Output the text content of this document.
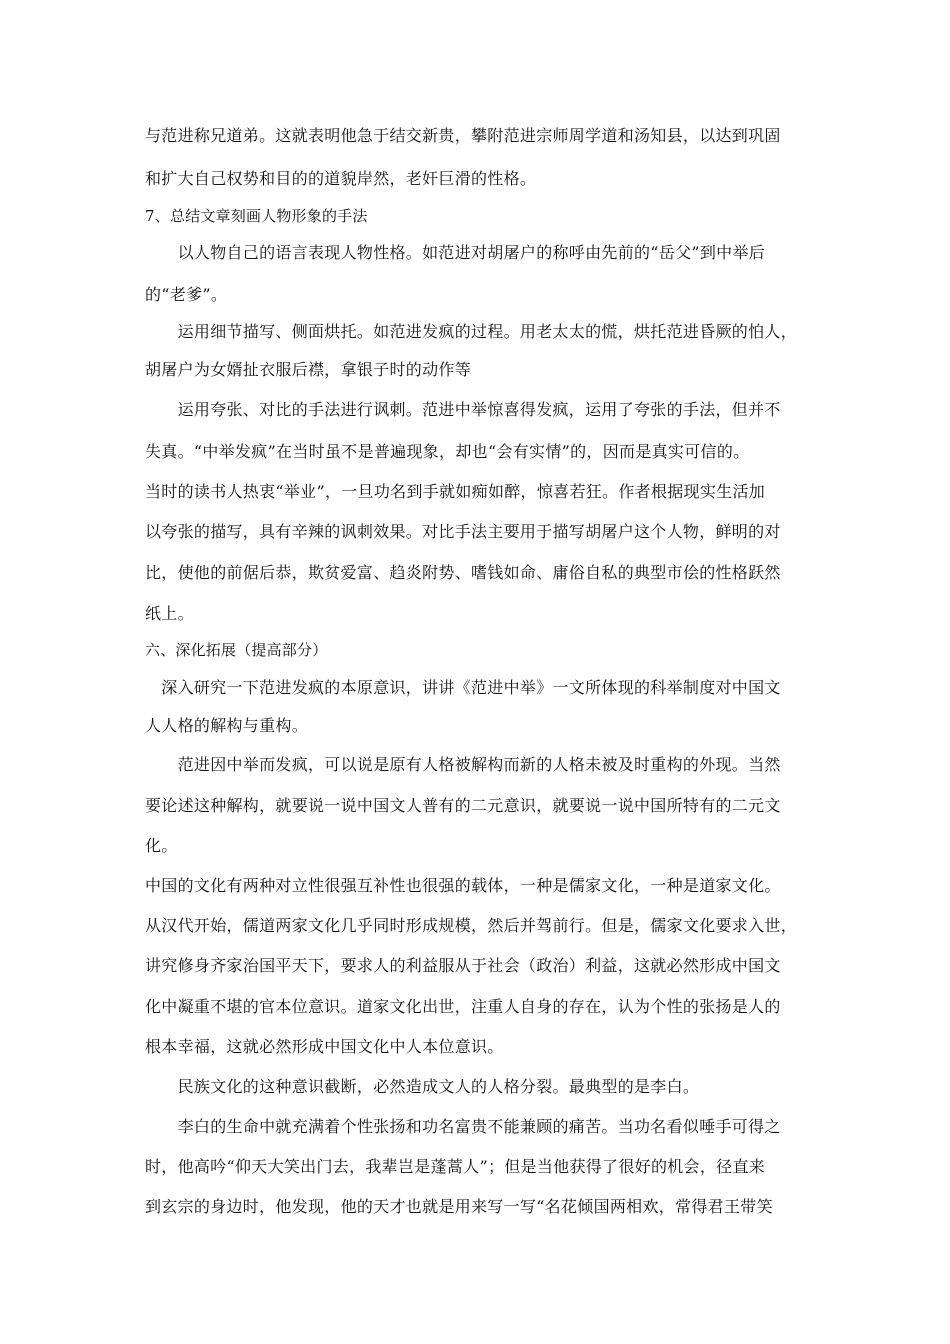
与范进称兄道弟。这就表明他急于结交新贵，攀附范进宗师周学道和汤知县，以达到巩固
和扩大自己权势和目的的道貌岸然，老奸巨滑的性格。
7、总结文章刻画人物形象的手法
　　以人物自己的语言表现人物性格。如范进对胡屠户的称呼由先前的“岳父”到中举后
的“老爹”。
　　运用细节描写、侧面烘托。如范进发疯的过程。用老太太的慌，烘托范进昏厥的怕人，
胡屠户为女婿扯衣服后襟，拿银子时的动作等
　　运用夸张、对比的手法进行讽刺。范进中举惊喜得发疯，运用了夸张的手法，但并不
失真。“中举发疯”在当时虽不是普遍现象，却也“会有实情”的，因而是真实可信的。
当时的读书人热衷“举业”，一旦功名到手就如痴如醉，惊喜若狂。作者根据现实生活加
以夸张的描写，具有辛辣的讽刺效果。对比手法主要用于描写胡屠户这个人物，鲜明的对
比，使他的前倨后恭，欺贫爱富、趋炎附势、嗜钱如命、庸俗自私的典型市侩的性格跃然
纸上。
六、深化拓展（提高部分）
　深入研究一下范进发疯的本原意识，讲讲《范进中举》一文所体现的科举制度对中国文
人人格的解构与重构。
　　范进因中举而发疯，可以说是原有人格被解构而新的人格未被及时重构的外现。当然
要论述这种解构，就要说一说中国文人普有的二元意识，就要说一说中国所特有的二元文
化。
中国的文化有两种对立性很强互补性也很强的载体，一种是儒家文化，一种是道家文化。
从汉代开始，儒道两家文化几乎同时形成规模，然后并驾前行。但是，儒家文化要求入世，
讲究修身齐家治国平天下，要求人的利益服从于社会（政治）利益，这就必然形成中国文
化中凝重不堪的官本位意识。道家文化出世，注重人自身的存在，认为个性的张扬是人的
根本幸福，这就必然形成中国文化中人本位意识。
　　民族文化的这种意识截断，必然造成文人的人格分裂。最典型的是李白。
　　李白的生命中就充满着个性张扬和功名富贵不能兼顾的痛苦。当功名看似唾手可得之
时，他高吟“仰天大笑出门去，我辈岂是蓬蒿人”；但是当他获得了很好的机会，径直来
到玄宗的身边时，他发现，他的天才也就是用来写一写“名花倾国两相欢，常得君王带笑
